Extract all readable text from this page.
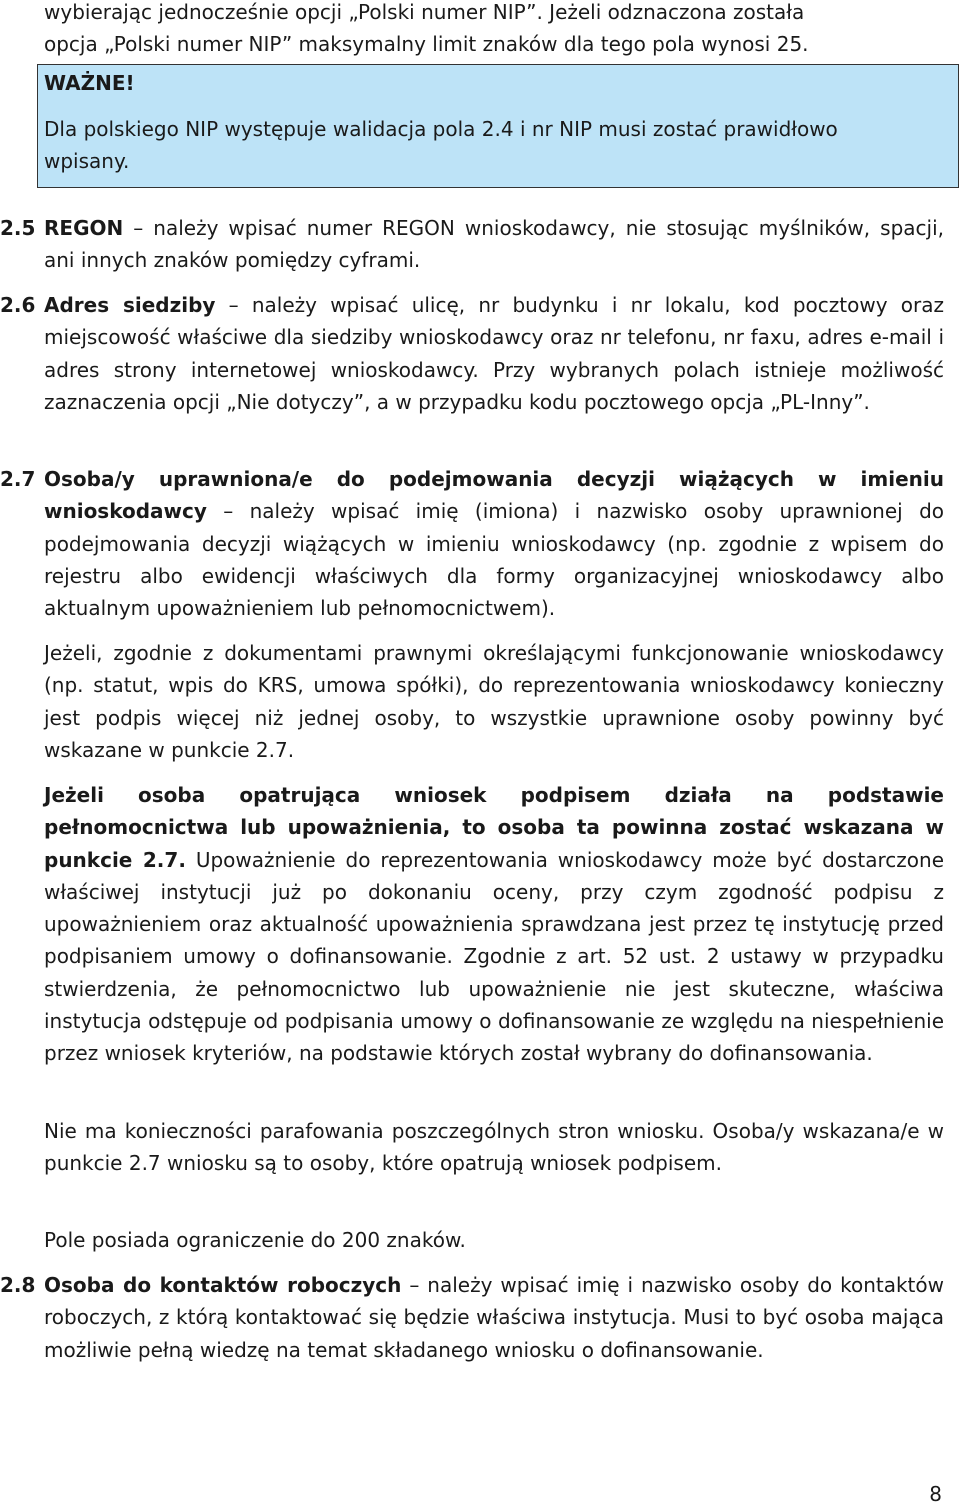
wybierając jednocześnie opcji „Polski numer NIP”. Jeżeli odznaczona została

opcja „Polski numer NIP” maksymalny limit znaków dla tego pola wynosi 25.

WAŻNE!

Dla polskiego NIP występuje walidacja pola 2.4 i nr NIP musi zostać prawidłowo

wpisany.

2.5 REGON – należy wpisać numer REGON wnioskodawcy, nie stosując myślników, spacji, ani innych znaków pomiędzy cyframi.

2.6 Adres siedziby – należy wpisać ulicę, nr budynku i nr lokalu, kod pocztowy oraz miejscowość właściwe dla siedziby wnioskodawcy oraz nr telefonu, nr faxu, adres e-mail i adres strony internetowej wnioskodawcy. Przy wybranych polach istnieje możliwość zaznaczenia opcji „Nie dotyczy”, a w przypadku kodu pocztowego opcja „PL-Inny”.

2.7 Osoba/y uprawniona/e do podejmowania decyzji wiążących w imieniu wnioskodawcy – należy wpisać imię (imiona) i nazwisko osoby uprawnionej do podejmowania decyzji wiążących w imieniu wnioskodawcy (np. zgodnie z wpisem do rejestru albo ewidencji właściwych dla formy organizacyjnej wnioskodawcy albo aktualnym upoważnieniem lub pełnomocnictwem).

Jeżeli, zgodnie z dokumentami prawnymi określającymi funkcjonowanie wnioskodawcy (np. statut, wpis do KRS, umowa spółki), do reprezentowania wnioskodawcy konieczny jest podpis więcej niż jednej osoby, to wszystkie uprawnione osoby powinny być wskazane w punkcie 2.7.

Jeżeli osoba opatrująca wniosek podpisem działa na podstawie pełnomocnictwa lub upoważnienia, to osoba ta powinna zostać wskazana w punkcie 2.7. Upoważnienie do reprezentowania wnioskodawcy może być dostarczone właściwej instytucji już po dokonaniu oceny, przy czym zgodność podpisu z upoważnieniem oraz aktualność upoważnienia sprawdzana jest przez tę instytucję przed podpisaniem umowy o dofinansowanie. Zgodnie z art. 52 ust. 2 ustawy w przypadku stwierdzenia, że pełnomocnictwo lub upoważnienie nie jest skuteczne, właściwa instytucja odstępuje od podpisania umowy o dofinansowanie ze względu na niespełnienie przez wniosek kryteriów, na podstawie których został wybrany do dofinansowania.

Nie ma konieczności parafowania poszczególnych stron wniosku. Osoba/y wskazana/e w punkcie 2.7 wniosku są to osoby, które opatrują wniosek podpisem.

Pole posiada ograniczenie do 200 znaków.

2.8 Osoba do kontaktów roboczych – należy wpisać imię i nazwisko osoby do kontaktów roboczych, z którą kontaktować się będzie właściwa instytucja. Musi to być osoba mająca możliwie pełną wiedzę na temat składanego wniosku o dofinansowanie.

8
